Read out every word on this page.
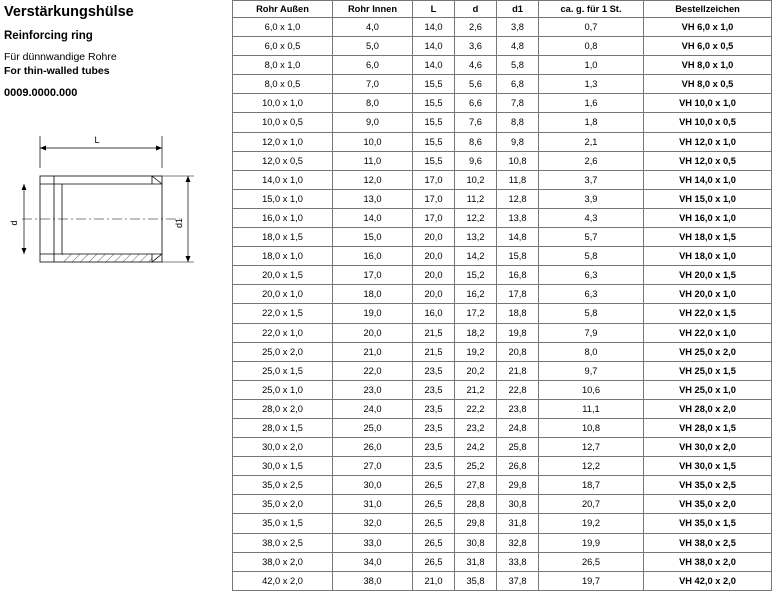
Verstärkungshülse
Reinforcing ring
Für dünnwandige Rohre
For thin-walled tubes
0009.0000.000
L
d	d1
Rohr Außen	Rohr Innen	L	d	d1	ca. g. für 1 St.	Bestellzeichen
6,0 x 1,0	4,0	14,0	2,6	3,8	0,7	VH 6,0 x 1,0
6,0 x 0,5	5,0	14,0	3,6	4,8	0,8	VH 6,0 x 0,5
8,0 x 1,0	6,0	14,0	4,6	5,8	1,0	VH 8,0 x 1,0
8,0 x 0,5	7,0	15,5	5,6	6,8	1,3	VH 8,0 x 0,5
10,0 x 1,0	8,0	15,5	6,6	7,8	1,6	VH 10,0 x 1,0
10,0 x 0,5	9,0	15,5	7,6	8,8	1,8	VH 10,0 x 0,5
12,0 x 1,0	10,0	15,5	8,6	9,8	2,1	VH 12,0 x 1,0
12,0 x 0,5	11,0	15,5	9,6	10,8	2,6	VH 12,0 x 0,5
14,0 x 1,0	12,0	17,0	10,2	11,8	3,7	VH 14,0 x 1,0
15,0 x 1,0	13,0	17,0	11,2	12,8	3,9	VH 15,0 x 1,0
16,0 x 1,0	14,0	17,0	12,2	13,8	4,3	VH 16,0 x 1,0
18,0 x 1,5	15,0	20,0	13,2	14,8	5,7	VH 18,0 x 1,5
18,0 x 1,0	16,0	20,0	14,2	15,8	5,8	VH 18,0 x 1,0
20,0 x 1,5	17,0	20,0	15,2	16,8	6,3	VH 20,0 x 1,5
20,0 x 1,0	18,0	20,0	16,2	17,8	6,3	VH 20,0 x 1,0
22,0 x 1,5	19,0	16,0	17,2	18,8	5,8	VH 22,0 x 1,5
22,0 x 1,0	20,0	21,5	18,2	19,8	7,9	VH 22,0 x 1,0
25,0 x 2,0	21,0	21,5	19,2	20,8	8,0	VH 25,0 x 2,0
25,0 x 1,5	22,0	23,5	20,2	21,8	9,7	VH 25,0 x 1,5
25,0 x 1,0	23,0	23,5	21,2	22,8	10,6	VH 25,0 x 1,0
28,0 x 2,0	24,0	23,5	22,2	23,8	11,1	VH 28,0 x 2,0
28,0 x 1,5	25,0	23,5	23,2	24,8	10,8	VH 28,0 x 1,5
30,0 x 2,0	26,0	23,5	24,2	25,8	12,7	VH 30,0 x 2,0
30,0 x 1,5	27,0	23,5	25,2	26,8	12,2	VH 30,0 x 1,5
35,0 x 2,5	30,0	26,5	27,8	29,8	18,7	VH 35,0 x 2,5
35,0 x 2,0	31,0	26,5	28,8	30,8	20,7	VH 35,0 x 2,0
35,0 x 1,5	32,0	26,5	29,8	31,8	19,2	VH 35,0 x 1,5
38,0 x 2,5	33,0	26,5	30,8	32,8	19,9	VH 38,0 x 2,5
38,0 x 2,0	34,0	26,5	31,8	33,8	26,5	VH 38,0 x 2,0
42,0 x 2,0	38,0	21,0	35,8	37,8	19,7	VH 42,0 x 2,0
